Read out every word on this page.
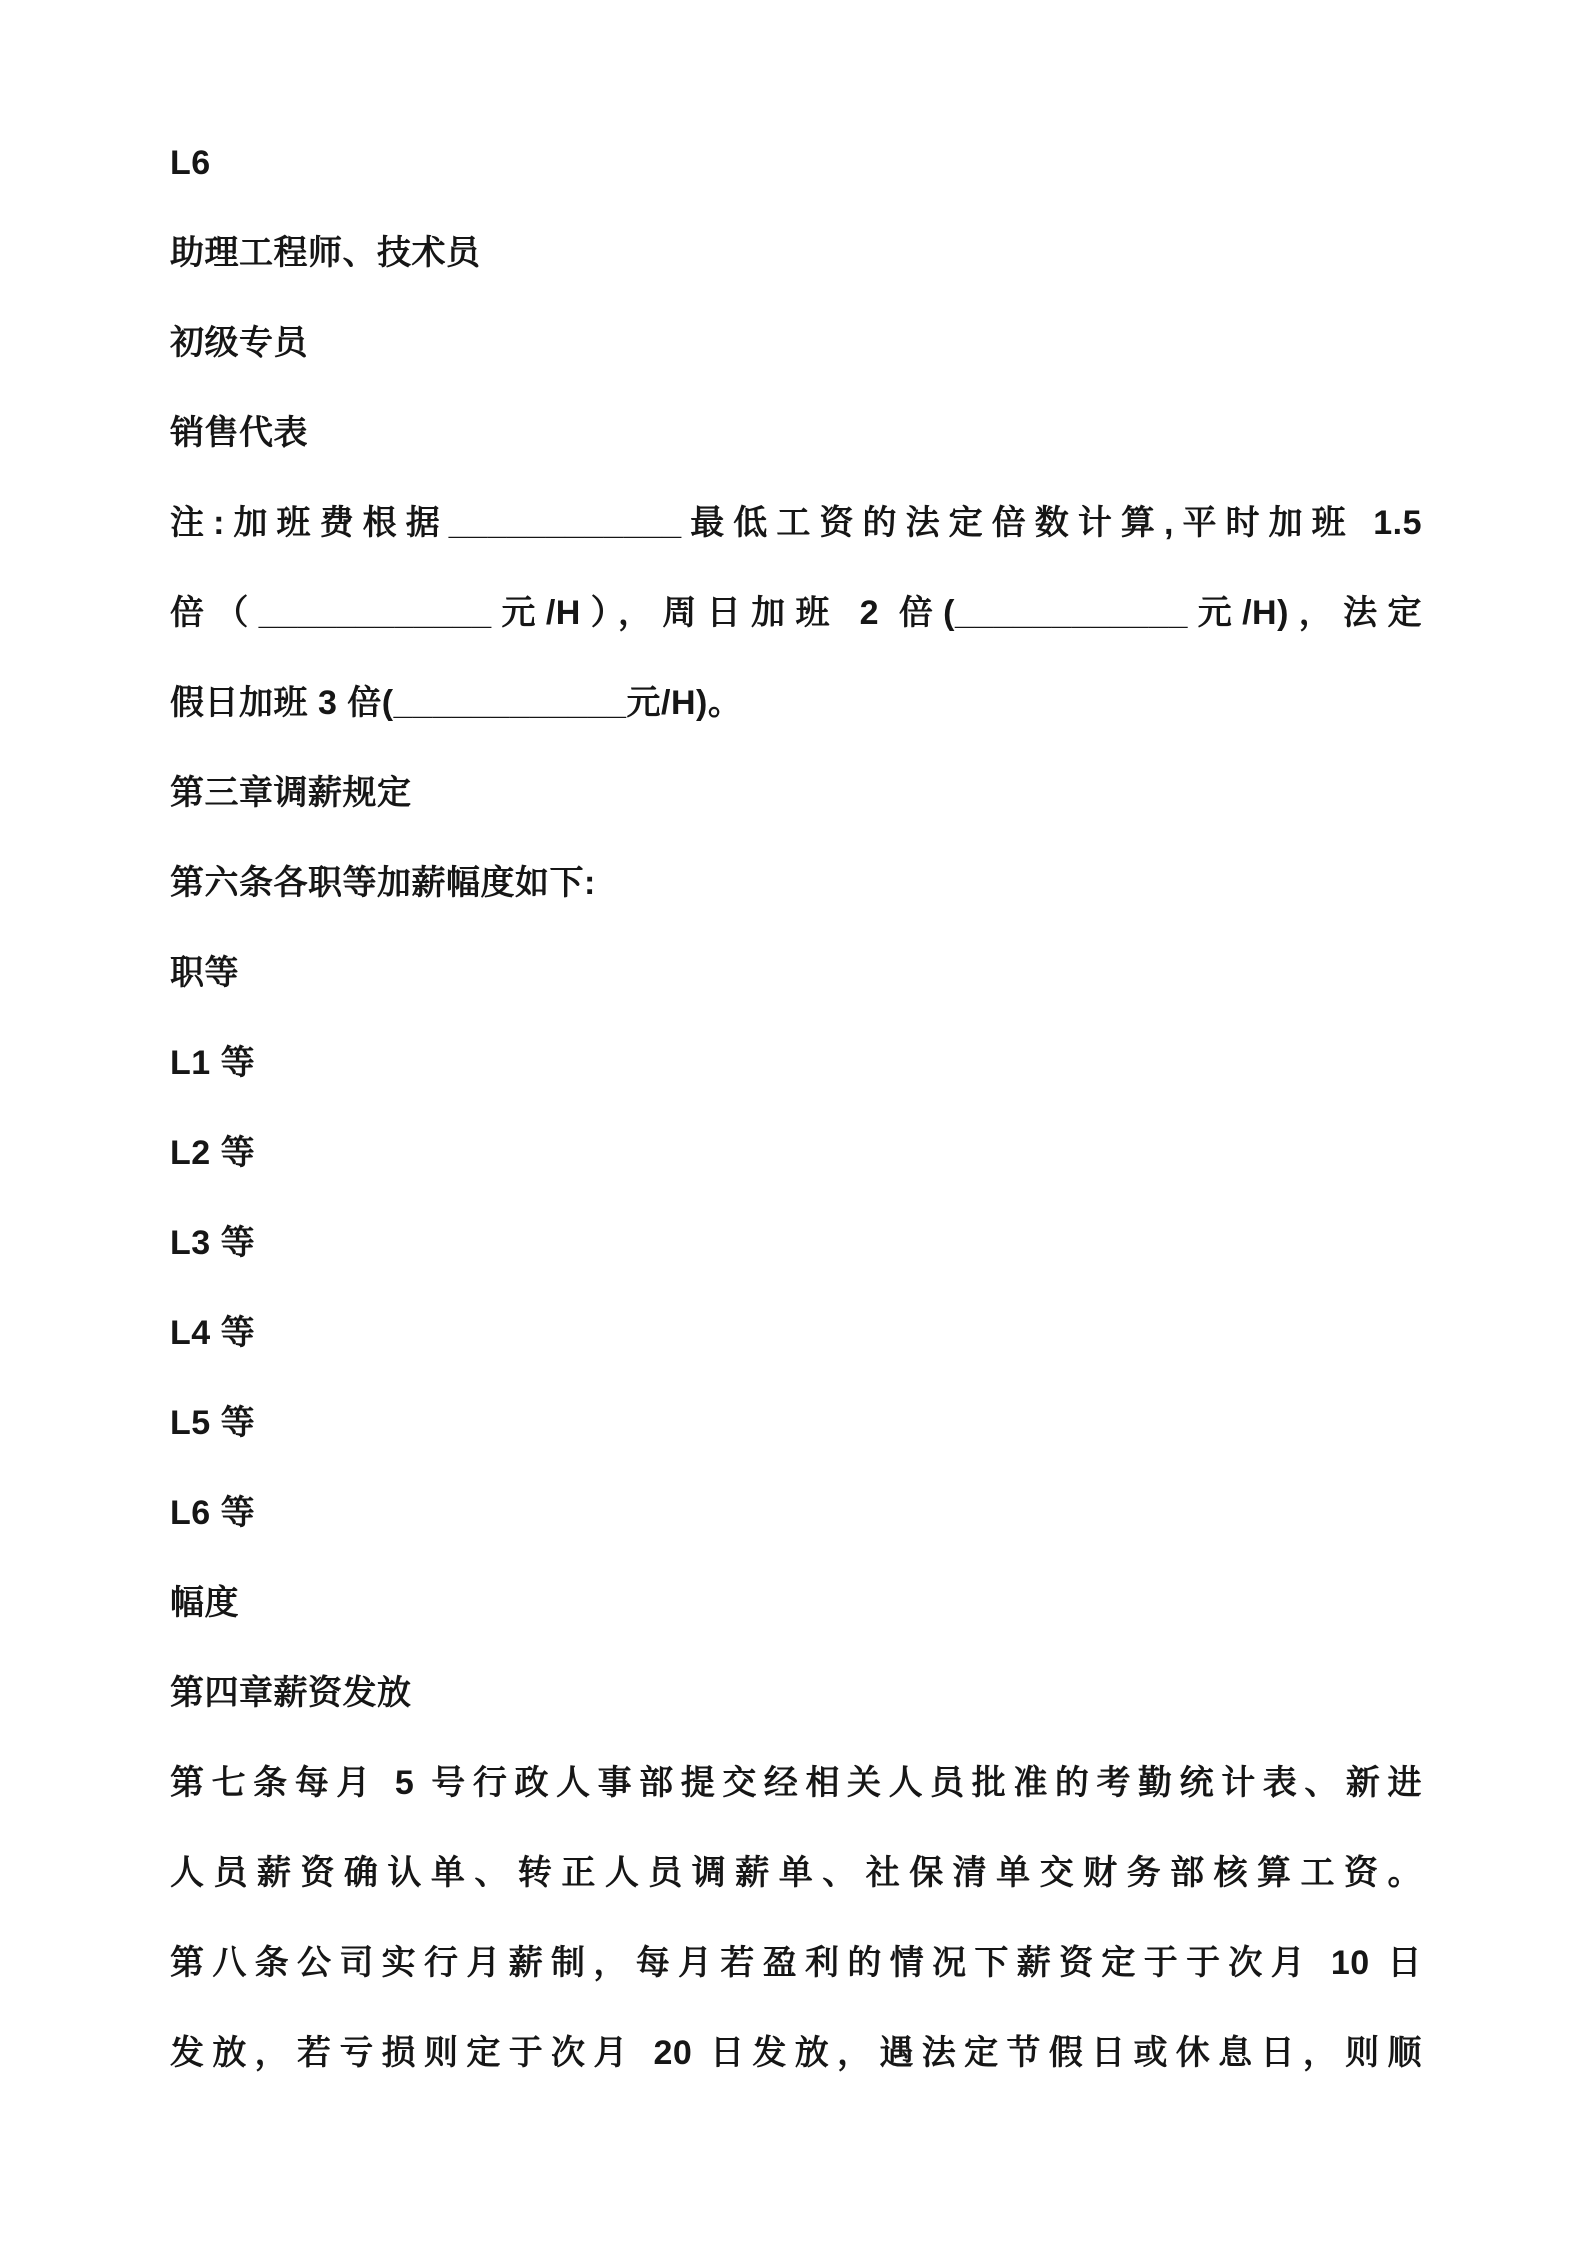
L6
助理工程师、技术员
初级专员
销售代表
注:加班费根据____________最低工资的法定倍数计算,平时加班 1.5
倍（____________元/H），周日加班 2 倍(____________元/H)，法定
假日加班 3 倍(____________元/H)。
第三章调薪规定
第六条各职等加薪幅度如下:
职等
L1 等
L2 等
L3 等
L4 等
L5 等
L6 等
幅度
第四章薪资发放
第七条每月 5 号行政人事部提交经相关人员批准的考勤统计表、新进
人员薪资确认单、转正人员调薪单、社保清单交财务部核算工资。
第八条公司实行月薪制，每月若盈利的情况下薪资定于于次月 10 日
发放，若亏损则定于次月 20 日发放，遇法定节假日或休息日，则顺
